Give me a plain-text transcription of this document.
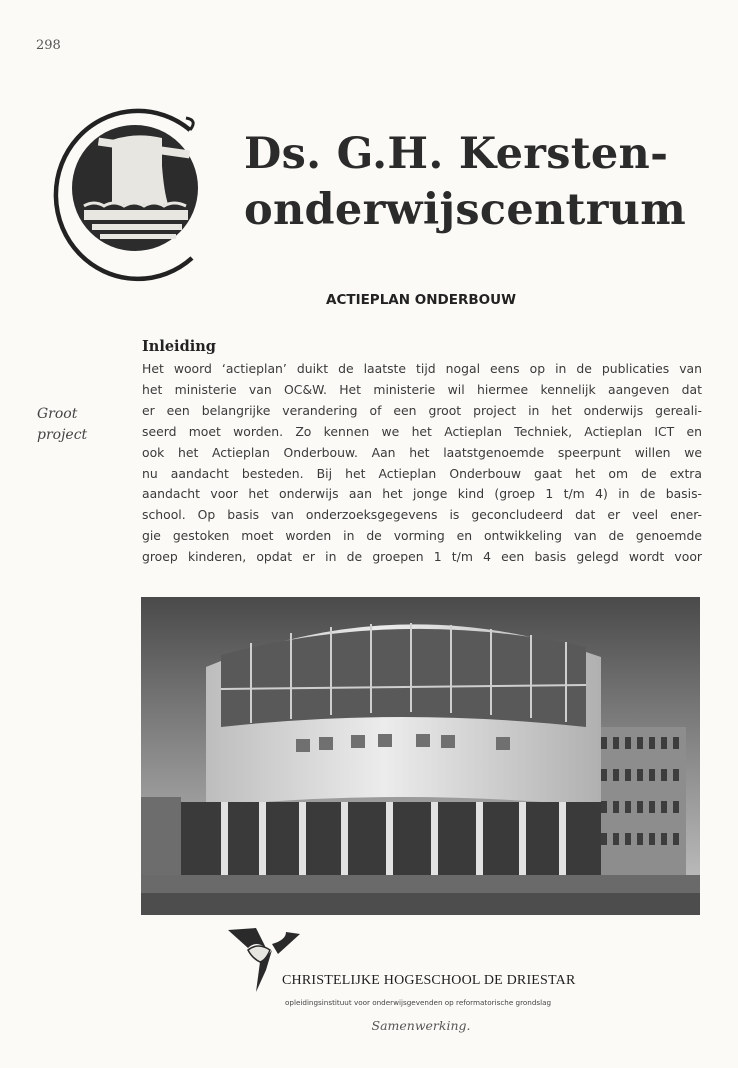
298
Ds. G.H. Kersten-
onderwijscentrum
ACTIEPLAN ONDERBOUW
Inleiding
Groot
project
Het woord ‘actieplan’ duikt de laatste tijd nogal eens op in de publicaties van
het ministerie van OC&W. Het ministerie wil hiermee kennelijk aangeven dat
er een belangrijke verandering of een groot project in het onderwijs gereali-
seerd moet worden. Zo kennen we het Actieplan Techniek, Actieplan ICT en
ook het Actieplan Onderbouw. Aan het laatstgenoemde speerpunt willen we
nu aandacht besteden. Bij het Actieplan Onderbouw gaat het om de extra
aandacht voor het onderwijs aan het jonge kind (groep 1 t/m 4) in de basis-
school. Op basis van onderzoeksgegevens is geconcludeerd dat er veel ener-
gie gestoken moet worden in de vorming en ontwikkeling van de genoemde
groep kinderen, opdat er in de groepen 1 t/m 4 een basis gelegd wordt voor
CHRISTELIJKE HOGESCHOOL DE DRIESTAR
opleidingsinstituut voor onderwijsgevenden op reformatorische grondslag
Samenwerking.
